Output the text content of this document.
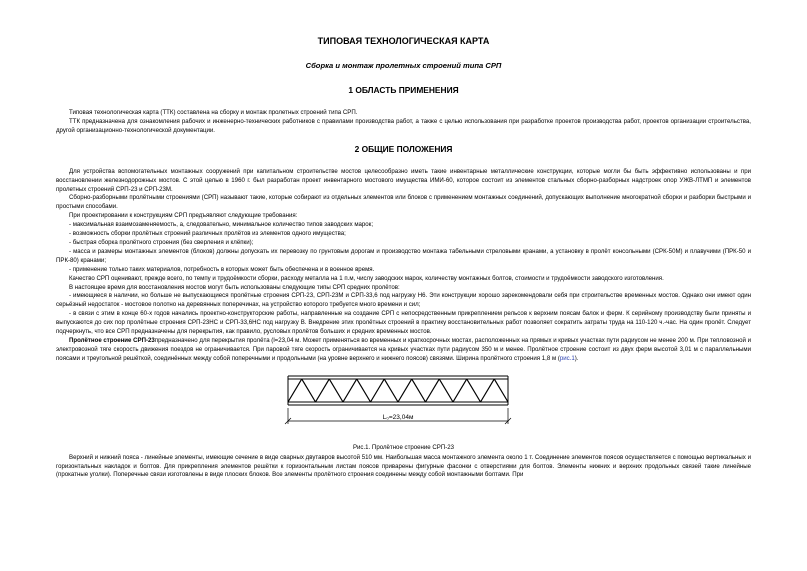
ТИПОВАЯ ТЕХНОЛОГИЧЕСКАЯ КАРТА
Сборка и монтаж пролетных строений типа СРП
1 ОБЛАСТЬ ПРИМЕНЕНИЯ

Типовая технологическая карта (ТТК) составлена на сборку и монтаж пролетных строений типа СРП.

ТТК предназначена для ознакомления рабочих и инженерно-технических работников с правилами производства работ, а также с целью использования при разработке проектов производства работ, проектов организации строительства, другой организационно-технологической документации.

2 ОБЩИЕ ПОЛОЖЕНИЯ

Для устройства вспомогательных монтажных сооружений при капитальном строительстве мостов целесообразно иметь такие инвентарные металлические конструкции, которые могли бы быть эффективно использованы и при восстановлении железнодорожных мостов. С этой целью в 1960 г. был разработан проект инвентарного мостового имущества ИМИ-60, которое состоит из элементов стальных сборно-разборных надстроек опор УЖВ-ЛТМП и элементов пролетных строений СРП-23 и СРП-23М.

Сборно-разборными пролётными строениями (СРП) называют такие, которые собирают из отдельных элементов или блоков с применением монтажных соединений, допускающих выполнение многократной сборки и разборки быстрыми и простыми способами.

При проектировании к конструкциям СРП предъявляют следующие требования:

- максимальная взаимозаменяемость, а, следовательно, минимальное количество типов заводских марок;

- возможность сборки пролётных строений различных пролётов из элементов одного имущества;

- быстрая сборка пролётного строения (без сверления и клёпки);

- масса и размеры монтажных элементов (блоков) должны допускать их перевозку по грунтовым дорогам и производство монтажа табельными стреловыми кранами, а установку в пролёт консольными (СРК-50М) и плавучими (ПРК-50 и ПРК-80) кранами;

- применение только таких материалов, потребность в которых может быть обеспечена и в военное время.

Качество СРП оценивают, прежде всего, по темпу и трудоёмкости сборки, расходу металла на 1 п.м, числу заводских марок, количеству монтажных болтов, стоимости и трудоёмкости заводского изготовления.

В настоящее время для восстановления мостов могут быть использованы следующие типы СРП средних пролётов:

- имеющиеся в наличии, но больше не выпускающиеся пролётные строения СРП-23, СРП-23М и СРП-33,6 под нагрузку Н6. Эти конструкции хорошо зарекомендовали себя при строительстве временных мостов. Однако они имеют один серьёзный недостаток - мостовое полотно на деревянных поперечинах, на устройство которого требуется много времени и сил;

- в связи с этим в конце 60-х годов начались проектно-конструкторские работы, направленные на создание СРП с непосредственным прикреплением рельсов к верхним поясам балок и ферм. К серийному производству были приняты и выпускаются до сих пор пролётные строения СРП-23НС и СРП-33,6НС под нагрузку В. Внедрение этих пролётных строений в практику восстановительных работ позволяет сократить затраты труда на 110-120 ч.-час. На один пролёт. Следует подчеркнуть, что все СРП предназначены для перекрытия, как правило, русловых пролётов больших и средних временных мостов.

Пролётное строение СРП-23предназначено для перекрытия пролёта (l=23,04 м. Может применяться во временных и краткосрочных мостах, расположенных на прямых и кривых участках пути радиусом не менее 200 м. При тепловозной и электровозной тяге скорость движения поездов не ограничивается. При паровой тяге скорость ограничивается на кривых участках пути радиусом 350 м и менее. Пролётное строение состоит из двух ферм высотой 3,01 м с параллельными поясами и треугольной решёткой, соединённых между собой поперечными и продольными (на уровне верхнего и нижнего поясов) связями. Ширина пролётного строения 1,8 м (рис.1).

L₀=23,04м
Рис.1. Пролётное строение СРП-23

Верхний и нижний пояса - линейные элементы, имеющие сечение в виде сварных двутавров высотой 510 мм. Наибольшая масса монтажного элемента около 1 т. Соединение элементов поясов осуществляется с помощью вертикальных и горизонтальных накладок и болтов. Для прикрепления элементов решётки к горизонтальным листам поясов приварены фигурные фасонки с отверстиями для болтов. Элементы нижних и верхних продольных связей такие линейные (прокатные уголки). Поперечные связи изготовлены в виде плоских блоков. Все элементы пролётного строения соединены между собой монтажными болтами. При
